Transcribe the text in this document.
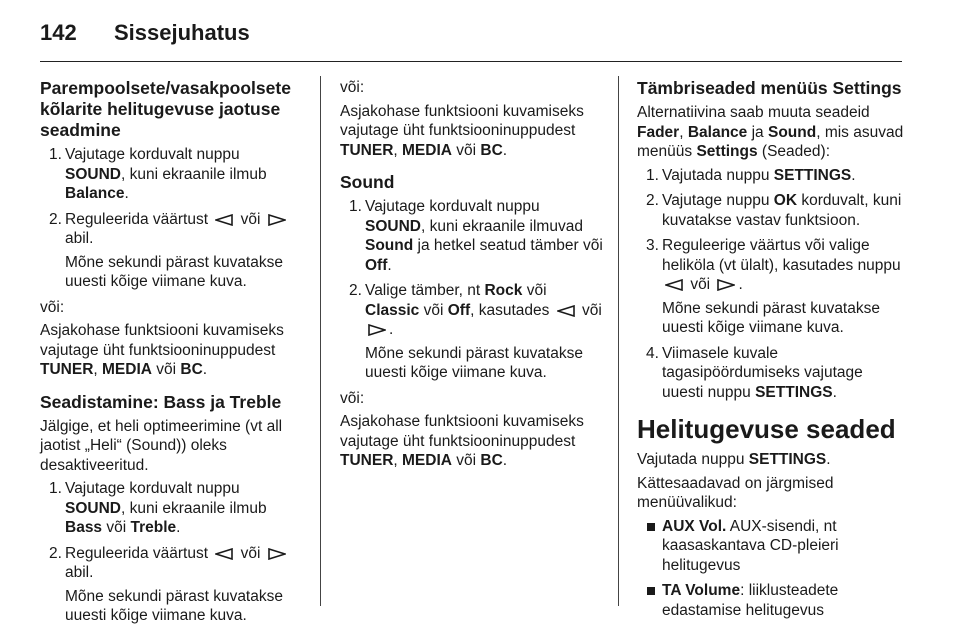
142 Sissejuhatus
Parempoolsete/vasakpoolsete kõlarite helitugevuse jaotuse seadmine
1. Vajutage korduvalt nuppu SOUND, kuni ekraanile ilmub Balance.
2. Reguleerida väärtust või
abil.
Mõne sekundi pärast kuvatakse uuesti kõige viimane kuva.

või:

Asjakohase funktsiooni kuvamiseks vajutage üht funktsiooninuppudest TUNER, MEDIA või BC.

Seadistamine: Bass ja Treble

Jälgige, et heli optimeerimine (vt all jaotist „Heli“ (Sound)) oleks desaktiveeritud.

1. Vajutage korduvalt nuppu SOUND, kuni ekraanile ilmub Bass või Treble.
2. Reguleerida väärtust või
abil.
Mõne sekundi pärast kuvatakse uuesti kõige viimane kuva.

või:

Asjakohase funktsiooni kuvamiseks vajutage üht funktsiooninuppudest TUNER, MEDIA või BC.

Sound
1. Vajutage korduvalt nuppu SOUND, kuni ekraanile ilmuvad Sound ja hetkel seatud tämber või Off.
2. Valige tämber, nt Rock või Classic või Off, kasutades või
.
Mõne sekundi pärast kuvatakse uuesti kõige viimane kuva.

või:

Asjakohase funktsiooni kuvamiseks vajutage üht funktsiooninuppudest TUNER, MEDIA või BC.

Tämbriseaded menüüs Settings

Alternatiivina saab muuta seadeid Fader, Balance ja Sound, mis asuvad menüüs Settings (Seaded):

1. Vajutada nuppu SETTINGS.
2. Vajutage nuppu OK korduvalt, kuni kuvatakse vastav funktsioon.
3. Reguleerige väärtus või valige heliköla (vt ülalt), kasutades nuppu
või .
Mõne sekundi pärast kuvatakse uuesti kõige viimane kuva.
4. Viimasele kuvale tagasipöördumiseks vajutage uuesti nuppu SETTINGS.
Helitugevuse seaded

Vajutada nuppu SETTINGS.

Kättesaadavad on järgmised menüüvalikud:

AUX Vol. AUX-sisendi, nt kaasaskantava CD-pleieri helitugevus
TA Volume: liiklusteadete edastamise helitugevus
